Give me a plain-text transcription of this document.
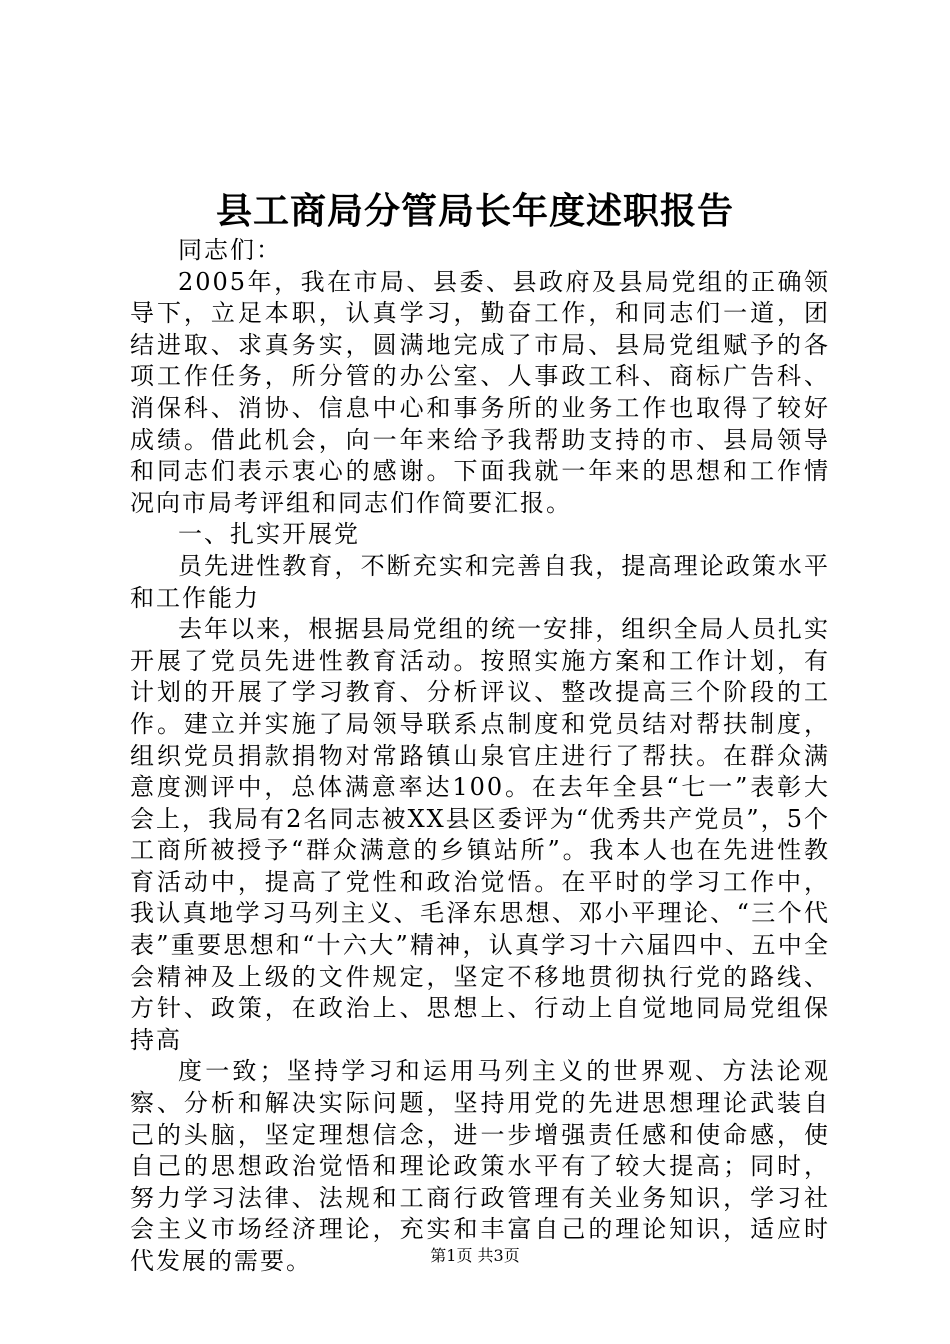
县工商局分管局长年度述职报告

同志们：

2005年，我在市局、县委、县政府及县局党组的正确领导下，立足本职，认真学习，勤奋工作，和同志们一道，团结进取、求真务实，圆满地完成了市局、县局党组赋予的各项工作任务，所分管的办公室、人事政工科、商标广告科、消保科、消协、信息中心和事务所的业务工作也取得了较好成绩。借此机会，向一年来给予我帮助支持的市、县局领导和同志们表示衷心的感谢。下面我就一年来的思想和工作情况向市局考评组和同志们作简要汇报。

一、扎实开展党

员先进性教育，不断充实和完善自我，提高理论政策水平和工作能力

去年以来，根据县局党组的统一安排，组织全局人员扎实开展了党员先进性教育活动。按照实施方案和工作计划，有计划的开展了学习教育、分析评议、整改提高三个阶段的工作。建立并实施了局领导联系点制度和党员结对帮扶制度，组织党员捐款捐物对常路镇山泉官庄进行了帮扶。在群众满意度测评中，总体满意率达100。在去年全县“七一”表彰大会上，我局有2名同志被XX县区委评为“优秀共产党员”，5个工商所被授予“群众满意的乡镇站所”。我本人也在先进性教育活动中，提高了党性和政治觉悟。在平时的学习工作中，我认真地学习马列主义、毛泽东思想、邓小平理论、“三个代表”重要思想和“十六大”精神，认真学习十六届四中、五中全会精神及上级的文件规定，坚定不移地贯彻执行党的路线、方针、政策，在政治上、思想上、行动上自觉地同局党组保持高

度一致；坚持学习和运用马列主义的世界观、方法论观察、分析和解决实际问题，坚持用党的先进思想理论武装自己的头脑，坚定理想信念，进一步增强责任感和使命感，使自己的思想政治觉悟和理论政策水平有了较大提高；同时，努力学习法律、法规和工商行政管理有关业务知识，学习社会主义市场经济理论，充实和丰富自己的理论知识，适应时代发展的需要。	第1页 共3页
